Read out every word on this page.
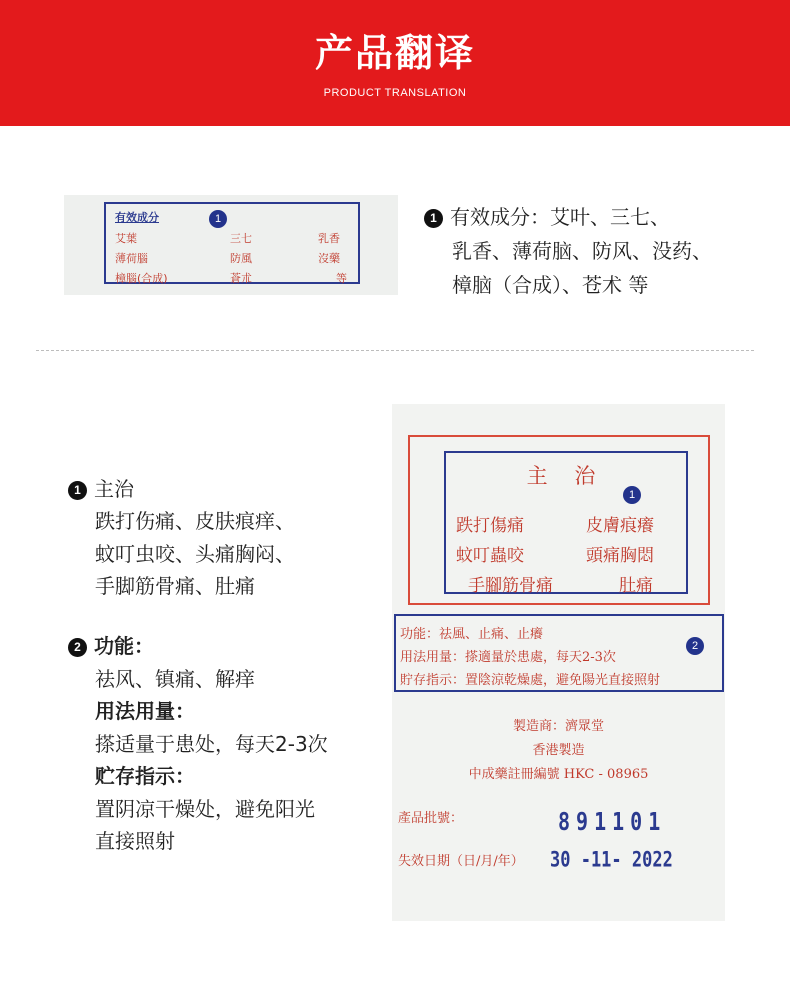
产品翻译
PRODUCT TRANSLATION
有效成分	1
艾葉	三七	乳香
薄荷腦	防風	沒藥
樟腦(合成)	蒼朮	等
1 有效成分：艾叶、三七、
乳香、薄荷脑、防风、没药、
樟脑（合成）、苍术 等
1 主治
跌打伤痛、皮肤痕痒、
蚊叮虫咬、头痛胸闷、
手脚筋骨痛、肚痛
2 功能：
祛风、镇痛、解痒
用法用量：
搽适量于患处，每天2-3次
贮存指示：
置阴凉干燥处，避免阳光
直接照射
主 治
1
跌打傷痛	皮膚痕癢
蚊叮蟲咬	頭痛胸悶
手腳筋骨痛	肚痛
功能：祛風、止痛、止癢
用法用量：搽適量於患處，每天2-3次
貯存指示：置陰涼乾燥處，避免陽光直接照射
2
製造商：濟眾堂
香港製造
中成藥註冊編號 HKC - 08965
產品批號：	891101
失效日期（日/月/年） 30 -11- 2022
